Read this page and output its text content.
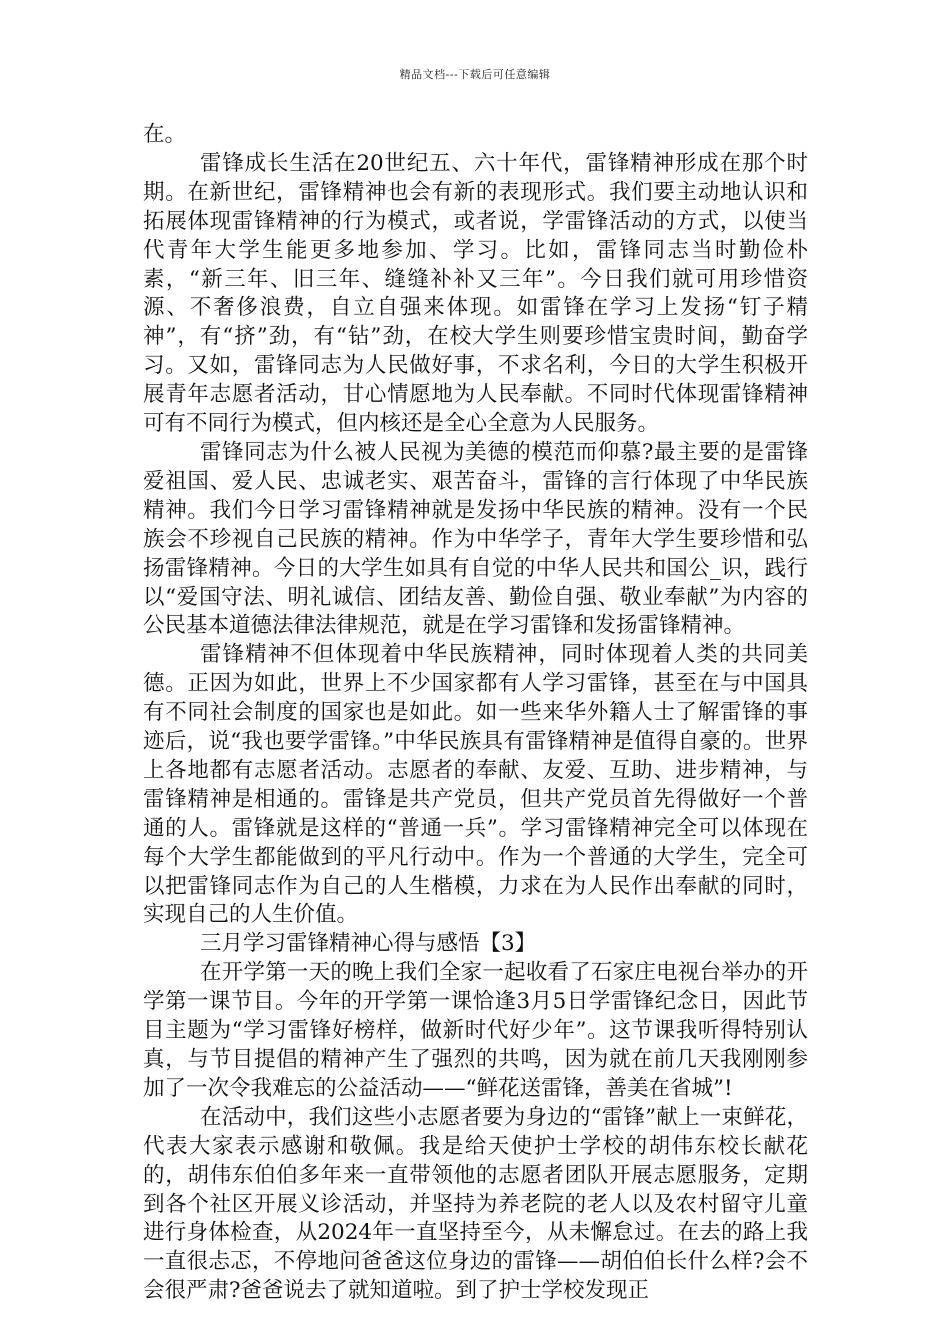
精品文档---下载后可任意编辑

在。

雷锋成长生活在20世纪五、六十年代，雷锋精神形成在那个时期。在新世纪，雷锋精神也会有新的表现形式。我们要主动地认识和拓展体现雷锋精神的行为模式，或者说，学雷锋活动的方式，以使当代青年大学生能更多地参加、学习。比如，雷锋同志当时勤俭朴素，“新三年、旧三年、缝缝补补又三年”。今日我们就可用珍惜资源、不奢侈浪费，自立自强来体现。如雷锋在学习上发扬“钉子精神”，有“挤”劲，有“钻”劲，在校大学生则要珍惜宝贵时间，勤奋学习。又如，雷锋同志为人民做好事，不求名利，今日的大学生积极开展青年志愿者活动，甘心情愿地为人民奉献。不同时代体现雷锋精神可有不同行为模式，但内核还是全心全意为人民服务。

雷锋同志为什么被人民视为美德的模范而仰慕?最主要的是雷锋爱祖国、爱人民、忠诚老实、艰苦奋斗，雷锋的言行体现了中华民族精神。我们今日学习雷锋精神就是发扬中华民族的精神。没有一个民族会不珍视自己民族的精神。作为中华学子，青年大学生要珍惜和弘扬雷锋精神。今日的大学生如具有自觉的中华人民共和国公_识，践行以“爱国守法、明礼诚信、团结友善、勤俭自强、敬业奉献”为内容的公民基本道德法律法律规范，就是在学习雷锋和发扬雷锋精神。

雷锋精神不但体现着中华民族精神，同时体现着人类的共同美德。正因为如此，世界上不少国家都有人学习雷锋，甚至在与中国具有不同社会制度的国家也是如此。如一些来华外籍人士了解雷锋的事迹后，说“我也要学雷锋。”中华民族具有雷锋精神是值得自豪的。世界上各地都有志愿者活动。志愿者的奉献、友爱、互助、进步精神，与雷锋精神是相通的。雷锋是共产党员，但共产党员首先得做好一个普通的人。雷锋就是这样的“普通一兵”。学习雷锋精神完全可以体现在每个大学生都能做到的平凡行动中。作为一个普通的大学生，完全可以把雷锋同志作为自己的人生楷模，力求在为人民作出奉献的同时，实现自己的人生价值。

三月学习雷锋精神心得与感悟【3】

在开学第一天的晚上我们全家一起收看了石家庄电视台举办的开学第一课节目。今年的开学第一课恰逢3月5日学雷锋纪念日，因此节目主题为“学习雷锋好榜样，做新时代好少年”。这节课我听得特别认真，与节目提倡的精神产生了强烈的共鸣，因为就在前几天我刚刚参加了一次令我难忘的公益活动——“鲜花送雷锋，善美在省城”!

在活动中，我们这些小志愿者要为身边的“雷锋”献上一束鲜花，代表大家表示感谢和敬佩。我是给天使护士学校的胡伟东校长献花的，胡伟东伯伯多年来一直带领他的志愿者团队开展志愿服务，定期到各个社区开展义诊活动，并坚持为养老院的老人以及农村留守儿童进行身体检查，从2024年一直坚持至今，从未懈怠过。在去的路上我一直很忐忑，不停地问爸爸这位身边的雷锋——胡伯伯长什么样?会不会很严肃?爸爸说去了就知道啦。到了护士学校发现正
